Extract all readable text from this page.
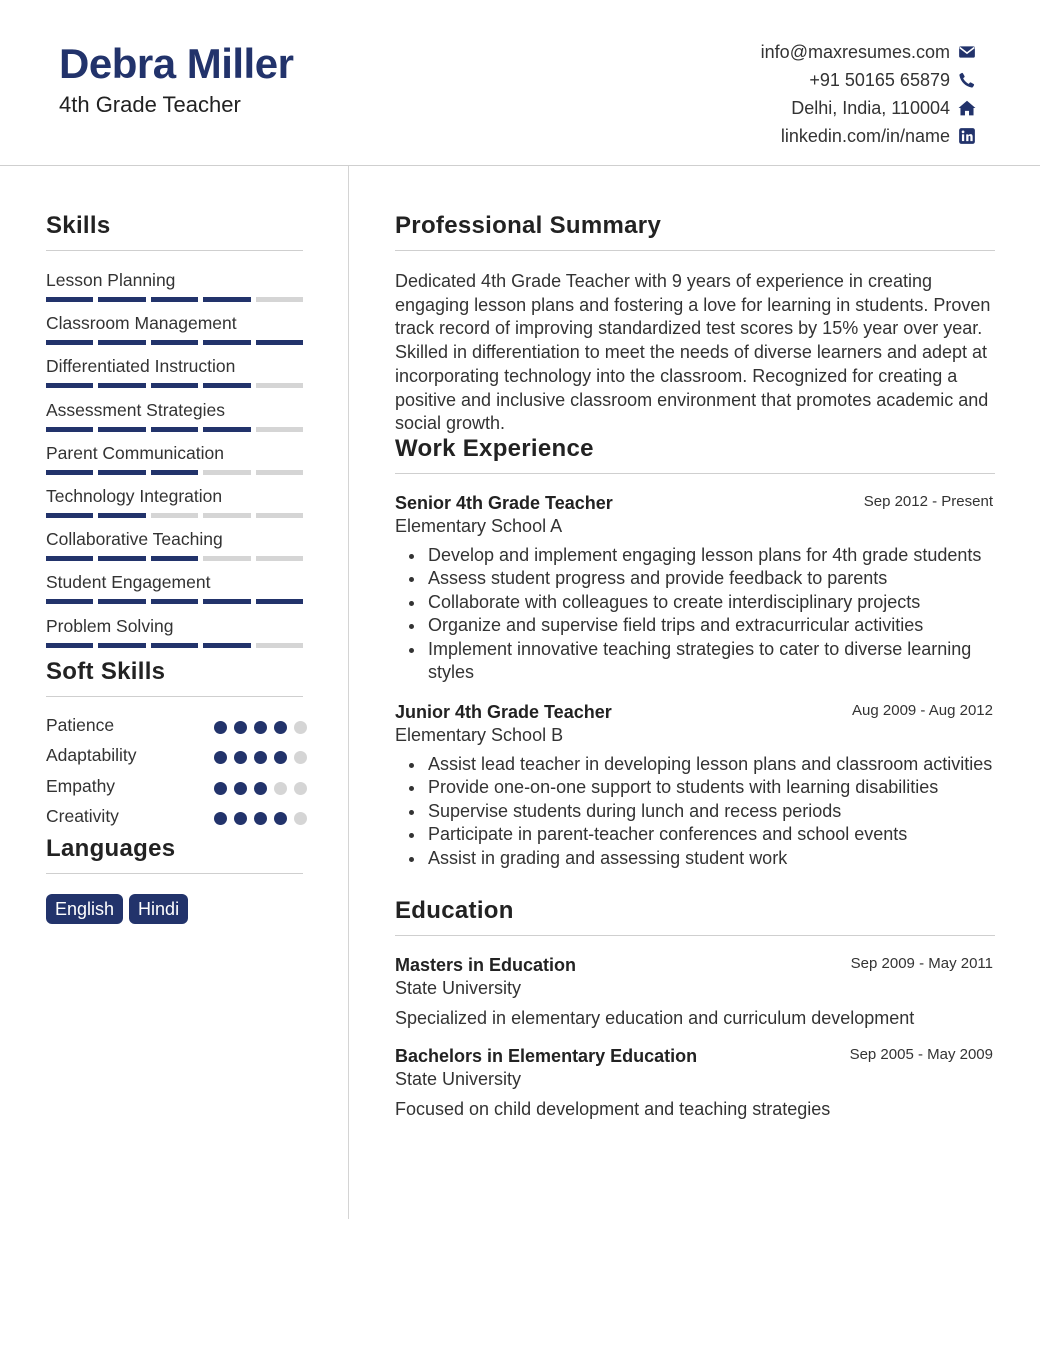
Debra Miller
4th Grade Teacher
info@maxresumes.com
+91 50165 65879
Delhi, India, 110004
linkedin.com/in/name
Skills
Lesson Planning
Classroom Management
Differentiated Instruction
Assessment Strategies
Parent Communication
Technology Integration
Collaborative Teaching
Student Engagement
Problem Solving
Soft Skills
Patience
Adaptability
Empathy
Creativity
Languages
English	Hindi
Professional Summary
Dedicated 4th Grade Teacher with 9 years of experience in creating engaging lesson plans and fostering a love for learning in students. Proven track record of improving standardized test scores by 15% year over year. Skilled in differentiation to meet the needs of diverse learners and adept at incorporating technology into the classroom. Recognized for creating a positive and inclusive classroom environment that promotes academic and social growth.
Work Experience
Senior 4th Grade Teacher	Sep 2012 - Present
Elementary School A
Develop and implement engaging lesson plans for 4th grade students
Assess student progress and provide feedback to parents
Collaborate with colleagues to create interdisciplinary projects
Organize and supervise field trips and extracurricular activities
Implement innovative teaching strategies to cater to diverse learning styles
Junior 4th Grade Teacher	Aug 2009 - Aug 2012
Elementary School B
Assist lead teacher in developing lesson plans and classroom activities
Provide one-on-one support to students with learning disabilities
Supervise students during lunch and recess periods
Participate in parent-teacher conferences and school events
Assist in grading and assessing student work
Education
Masters in Education	Sep 2009 - May 2011
State University
Specialized in elementary education and curriculum development
Bachelors in Elementary Education	Sep 2005 - May 2009
State University
Focused on child development and teaching strategies
